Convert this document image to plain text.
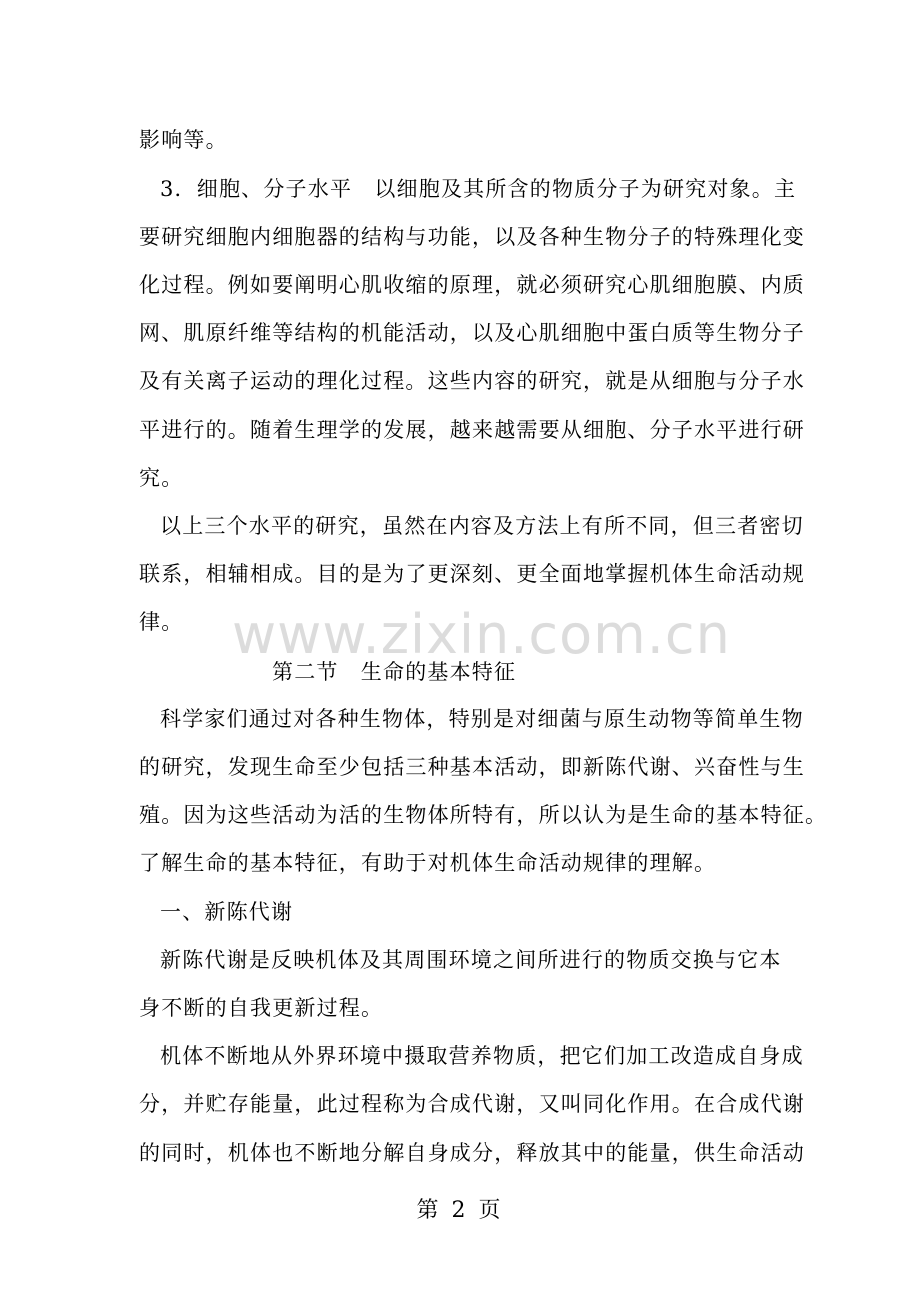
影响等。
3．细胞、分子水平　以细胞及其所含的物质分子为研究对象。主
要研究细胞内细胞器的结构与功能，以及各种生物分子的特殊理化变
化过程。例如要阐明心肌收缩的原理，就必须研究心肌细胞膜、内质
网、肌原纤维等结构的机能活动，以及心肌细胞中蛋白质等生物分子
及有关离子运动的理化过程。这些内容的研究，就是从细胞与分子水
平进行的。随着生理学的发展，越来越需要从细胞、分子水平进行研
究。
以上三个水平的研究，虽然在内容及方法上有所不同，但三者密切
联系，相辅相成。目的是为了更深刻、更全面地掌握机体生命活动规
律。 www.zixin.com.cn
第二节　生命的基本特征
科学家们通过对各种生物体，特别是对细菌与原生动物等简单生物
的研究，发现生命至少包括三种基本活动，即新陈代谢、兴奋性与生
殖。因为这些活动为活的生物体所特有，所以认为是生命的基本特征。
了解生命的基本特征，有助于对机体生命活动规律的理解。
一、新陈代谢
新陈代谢是反映机体及其周围环境之间所进行的物质交换与它本
身不断的自我更新过程。
机体不断地从外界环境中摄取营养物质，把它们加工改造成自身成
分，并贮存能量，此过程称为合成代谢，又叫同化作用。在合成代谢
的同时，机体也不断地分解自身成分，释放其中的能量，供生命活动
第 2 页
